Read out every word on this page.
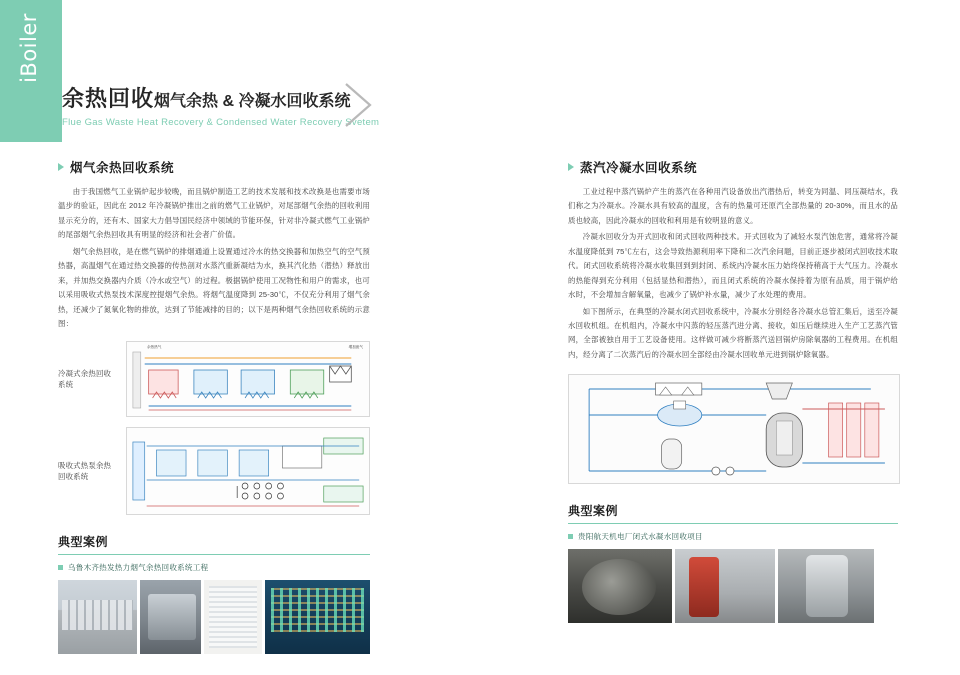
iBoiler
余热回收烟气余热 & 冷凝水回收系统
Flue Gas Waste Heat Recovery & Condensed Water Recovery Svetem
烟气余热回收系统

由于我国燃气工业锅炉起步较晚，而且锅炉制造工艺的技术发展和技术改换是也需要市场温步的验证，因此在 2012 年冷凝锅炉推出之前的燃气工业锅炉，对尾部烟气余热的回收利用显示充分的，还有木、国家大力倡导国民经济中领域的节能环保，针对非冷凝式燃气工业锅炉的尾部烟气余热回收具有明显的经济和社会者广价值。

烟气余热回收，是在燃气锅炉的排烟通道上设置通过冷水的热交换器和加热空气的空气预热器，高温烟气在通过热交换器的传热剖对水蒸汽重新凝结为水，换其汽化热（潜热）释放出来，并加热交换器内介质（冷水或空气）的过程。极据锅炉使用工况物性和用户的需求，也可以采用吸收式热泵技术深度控提烟气余热。将烟气温度降到 25-30℃，不仅充分利用了烟气余热，还减少了氮氧化物的排放，达到了节能减排的目的；以下是两种烟气余热回收系统的示意图：

冷凝式余热回收系统
余热热气	增加废气
吸收式热泵余热回收系统
典型案例
乌鲁木齐热发热力烟气余热回收系统工程
蒸汽冷凝水回收系统

工业过程中蒸汽锅炉产生的蒸汽在各种用汽设备放出汽潜热后，转变为同温、同压凝结水，我们称之为冷凝水。冷凝水具有较高的温度，含有的热量可还原汽全部热量的 20-30%，而且水的品质也较高，因此冷凝水的回收和利用是有较明显的意义。

冷凝水回收分为开式回收和闭式回收两种技术。开式回收为了减轻水泵汽蚀危害，通常将冷凝水温度降低到 75℃左右，这会导致热源利用率下降和二次汽余问题，目前正逐步被闭式回收技术取代。闭式回收系统将冷凝水收集回到到封闭、系统内冷凝水压力始终保持稍高于大气压力。冷凝水的热能得到充分利用（包括显热和潜热），而且闭式系统的冷凝水保持着为原有品质，用于锅炉给水时，不会增加含解氧量，也减少了锅炉补水量，减少了水处理的费用。

如下图所示，在典型的冷凝水闭式回收系统中，冷凝水分别经各冷凝水总管汇集后，送至冷凝水回收机组。在机组内，冷凝水中闪蒸的轻压蒸汽进分离、接收，如压后继续进入生产工艺蒸汽管网，全部被独自用于工艺设备使用。这样做可减少将断蒸汽送回锅炉房除氧器的工程费用。在机组内，经分离了二次蒸汽后的冷凝水回全部经由冷凝水回收单元进到锅炉除氧器。

典型案例
贵阳航天机电厂闭式水凝水回收项目
